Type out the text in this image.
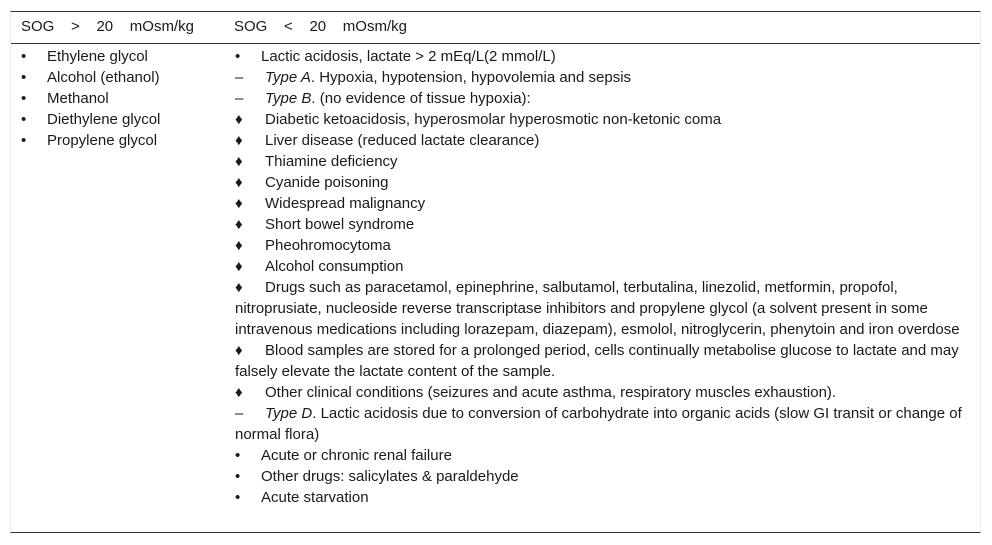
SOG    >    20    mOsm/kg	SOG    <    20    mOsm/kg
• Ethylene glycol
• Alcohol (ethanol)
• Methanol
• Diethylene glycol
• Propylene glycol
• Lactic acidosis, lactate > 2 mEq/L(2 mmol/L)
– Type A. Hypoxia, hypotension, hypovolemia and sepsis
– Type B. (no evidence of tissue hypoxia):
♦ Diabetic ketoacidosis, hyperosmolar hyperosmotic non-ketonic coma
♦ Liver disease (reduced lactate clearance)
♦ Thiamine deficiency
♦ Cyanide poisoning
♦ Widespread malignancy
♦ Short bowel syndrome
♦ Pheohromocytoma
♦ Alcohol consumption
♦ Drugs such as paracetamol, epinephrine, salbutamol, terbutalina, linezolid, metformin, propofol, nitroprusiate, nucleoside reverse transcriptase inhibitors and propylene glycol (a solvent present in some intravenous medications including lorazepam, diazepam), esmolol, nitroglycerin, phenytoin and iron overdose
♦ Blood samples are stored for a prolonged period, cells continually metabolise glucose to lactate and may falsely elevate the lactate content of the sample.
♦ Other clinical conditions (seizures and acute asthma, respiratory muscles exhaustion).
– Type D. Lactic acidosis due to conversion of carbohydrate into organic acids (slow GI transit or change of normal flora)
• Acute or chronic renal failure
• Other drugs: salicylates & paraldehyde
• Acute starvation
